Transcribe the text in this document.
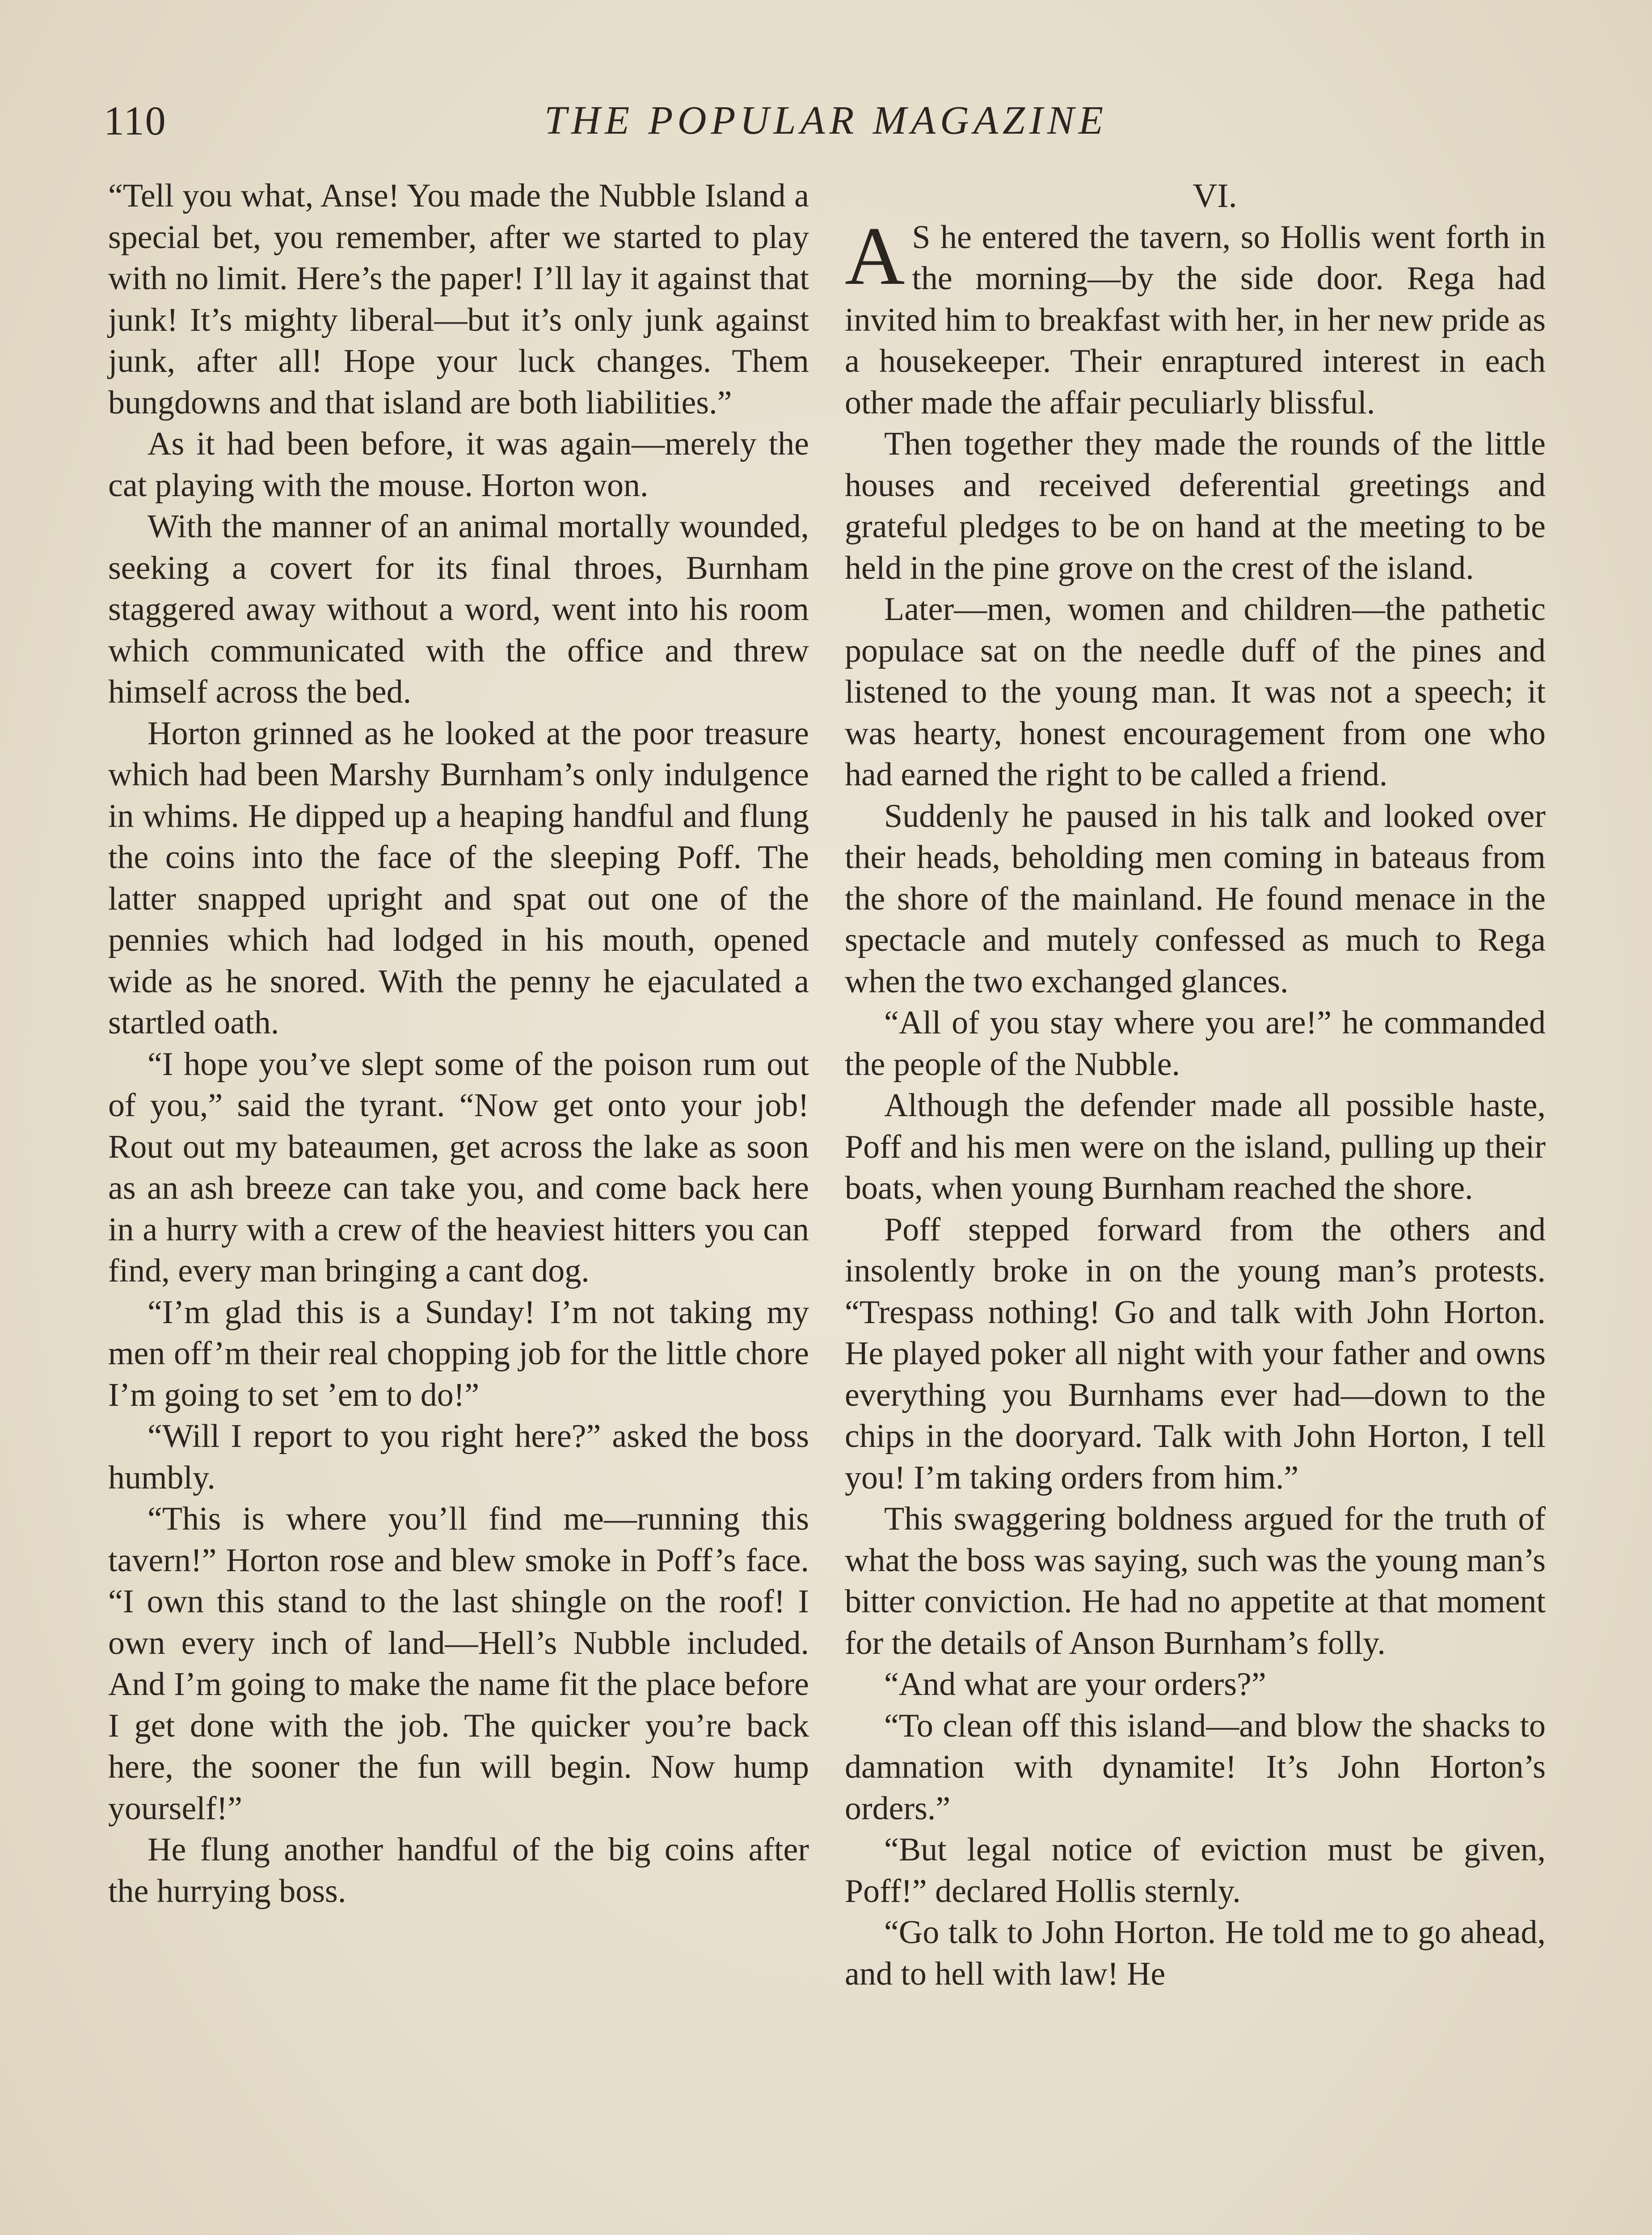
110	THE POPULAR MAGAZINE

“Tell you what, Anse! You made the Nubble Island a special bet, you remember, after we started to play with no limit. Here’s the paper! I’ll lay it against that junk! It’s mighty liberal—but it’s only junk against junk, after all! Hope your luck changes. Them bungdowns and that island are both liabilities.”

As it had been before, it was again—merely the cat playing with the mouse. Horton won.

With the manner of an animal mortally wounded, seeking a covert for its final throes, Burnham staggered away without a word, went into his room which communicated with the office and threw himself across the bed.

Horton grinned as he looked at the poor treasure which had been Marshy Burnham’s only indulgence in whims. He dipped up a heaping handful and flung the coins into the face of the sleeping Poff. The latter snapped upright and spat out one of the pennies which had lodged in his mouth, opened wide as he snored. With the penny he ejaculated a startled oath.

“I hope you’ve slept some of the poison rum out of you,” said the tyrant. “Now get onto your job! Rout out my bateaumen, get across the lake as soon as an ash breeze can take you, and come back here in a hurry with a crew of the heaviest hitters you can find, every man bringing a cant dog.

“I’m glad this is a Sunday! I’m not taking my men off’m their real chopping job for the little chore I’m going to set ’em to do!”

“Will I report to you right here?” asked the boss humbly.

“This is where you’ll find me—running this tavern!” Horton rose and blew smoke in Poff’s face. “I own this stand to the last shingle on the roof! I own every inch of land—Hell’s Nubble included. And I’m going to make the name fit the place before I get done with the job. The quicker you’re back here, the sooner the fun will begin. Now hump yourself!”

He flung another handful of the big coins after the hurrying boss.

VI.

A S he entered the tavern, so Hollis went forth in the morning—by the side door. Rega had invited him to breakfast with her, in her new pride as a housekeeper. Their enraptured interest in each other made the affair peculiarly blissful.

Then together they made the rounds of the little houses and received deferential greetings and grateful pledges to be on hand at the meeting to be held in the pine grove on the crest of the island.

Later—men, women and children—the pathetic populace sat on the needle duff of the pines and listened to the young man. It was not a speech; it was hearty, honest encouragement from one who had earned the right to be called a friend.

Suddenly he paused in his talk and looked over their heads, beholding men coming in bateaus from the shore of the mainland. He found menace in the spectacle and mutely confessed as much to Rega when the two exchanged glances.

“All of you stay where you are!” he commanded the people of the Nubble.

Although the defender made all possible haste, Poff and his men were on the island, pulling up their boats, when young Burnham reached the shore.

Poff stepped forward from the others and insolently broke in on the young man’s protests. “Trespass nothing! Go and talk with John Horton. He played poker all night with your father and owns everything you Burnhams ever had—down to the chips in the dooryard. Talk with John Horton, I tell you! I’m taking orders from him.”

This swaggering boldness argued for the truth of what the boss was saying, such was the young man’s bitter conviction. He had no appetite at that moment for the details of Anson Burnham’s folly.

“And what are your orders?”

“To clean off this island—and blow the shacks to damnation with dynamite! It’s John Horton’s orders.”

“But legal notice of eviction must be given, Poff!” declared Hollis sternly.

“Go talk to John Horton. He told me to go ahead, and to hell with law! He
